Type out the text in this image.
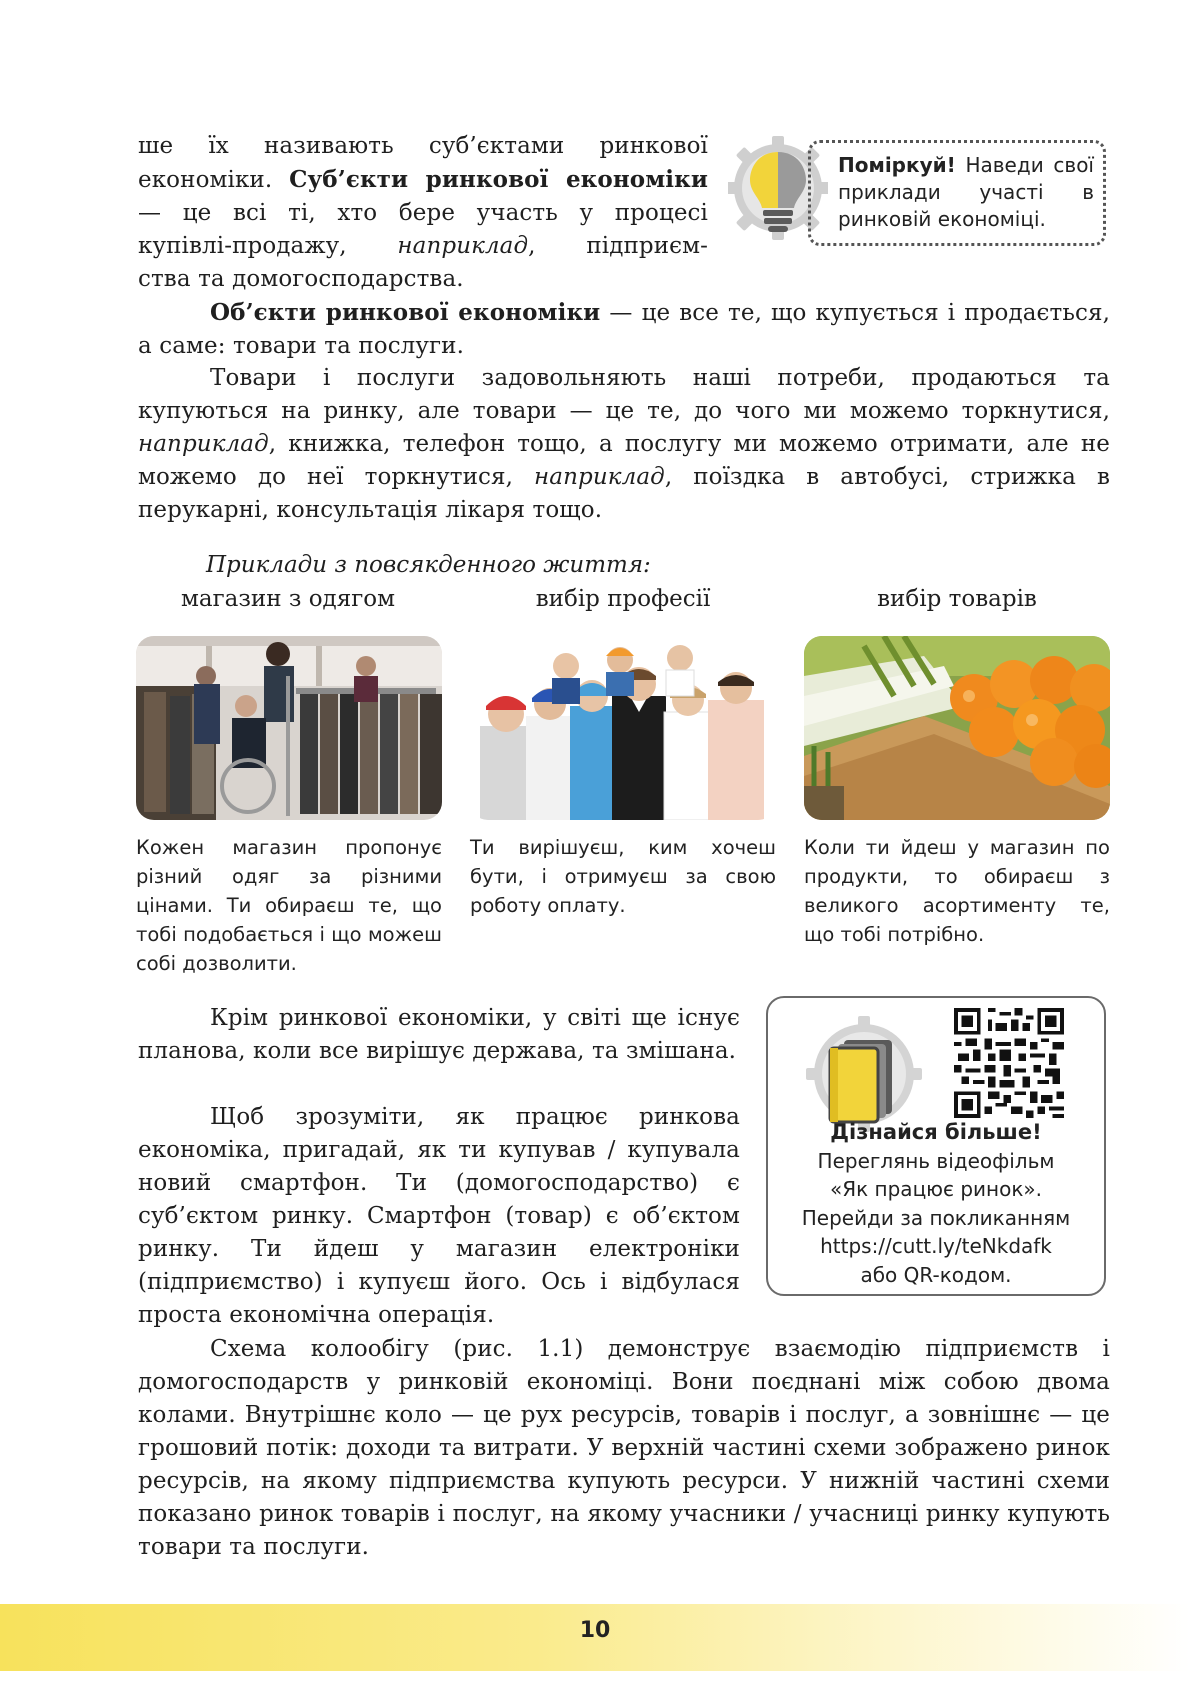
ше їх називають суб’єктами ринкової
економіки. Суб’єкти ринкової економіки
— це всі ті, хто бере участь у процесі
купівлі-продажу, наприклад, підприєм-
ства та домогосподарства.
Поміркуй! Наведи свої приклади участі в ринковій економіці.

Об’єкти ринкової економіки — це все те, що купується і продається, а саме: товари та послуги.

Товари і послуги задовольняють наші потреби, продаються та купуються на ринку, але товари — це те, до чого ми можемо торкнутися, наприклад, книжка, телефон тощо, а послугу ми можемо отримати, але не можемо до неї торкнутися, наприклад, поїздка в автобусі, стрижка в перукарні, консультація лікаря тощо.

Приклади з повсякденного життя:
магазин з одягом	вибір професії	вибір товарів
Кожен магазин пропонує різний одяг за різними цінами. Ти обираєш те, що тобі подобається і що можеш собі дозволити.
Ти вирішуєш, ким хочеш бути, і отримуєш за свою роботу оплату.
Коли ти йдеш у магазин по продукти, то обираєш з великого асортименту те, що тобі потрібно.

Крім ринкової економіки, у світі ще існує планова, коли все вирішує держава, та змішана.

Щоб зрозуміти, як працює ринкова економіка, пригадай, як ти купував / купувала новий смартфон. Ти (домогосподарство) є суб’єктом ринку. Смартфон (товар) є об’єктом ринку. Ти йдеш у магазин електроніки (підприємство) і купуєш його. Ось і відбулася проста економічна операція.

Дізнайся більше!
Переглянь відеофільм
«Як працює ринок».
Перейди за покликанням
https://cutt.ly/teNkdafk
або QR-кодом.

Схема колообігу (рис. 1.1) демонструє взаємодію підприємств і домогосподарств у ринковій економіці. Вони поєднані між собою двома колами. Внутрішнє коло — це рух ресурсів, товарів і послуг, а зовнішнє — це грошовий потік: доходи та витрати. У верхній частині схеми зображено ринок ресурсів, на якому підприємства купують ресурси. У нижній частині схеми показано ринок товарів і послуг, на якому учасники / учасниці ринку купують товари та послуги.

10
